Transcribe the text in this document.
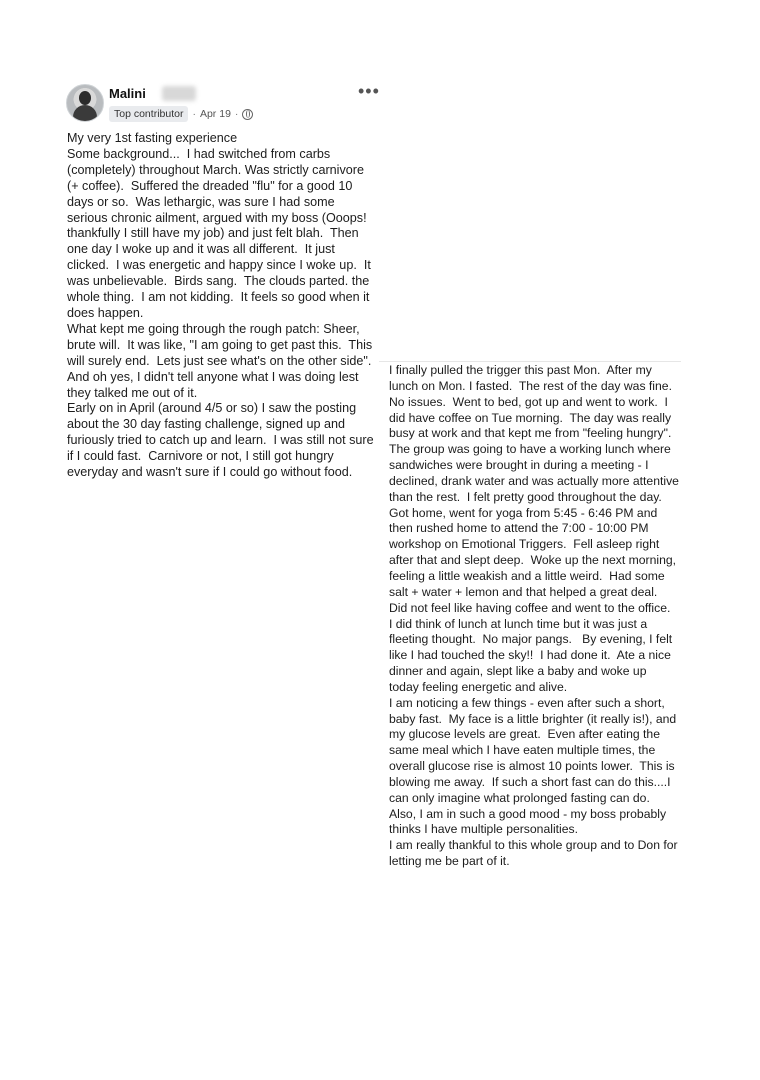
Malini
Top contributor · Apr 19 ·
•••
My very 1st fasting experience
Some background...  I had switched from carbs (completely) throughout March. Was strictly carnivore (+ coffee).  Suffered the dreaded "flu" for a good 10 days or so.  Was lethargic, was sure I had some serious chronic ailment, argued with my boss (Ooops!  thankfully I still have my job) and just felt blah.  Then one day I woke up and it was all different.  It just clicked.  I was energetic and happy since I woke up.  It was unbelievable.  Birds sang.  The clouds parted. the whole thing.  I am not kidding.  It feels so good when it does happen.
What kept me going through the rough patch: Sheer, brute will.  It was like, "I am going to get past this.  This will surely end.  Lets just see what's on the other side".  And oh yes, I didn't tell anyone what I was doing lest they talked me out of it.
Early on in April (around 4/5 or so) I saw the posting about the 30 day fasting challenge, signed up and furiously tried to catch up and learn.  I was still not sure if I could fast.  Carnivore or not, I still got hungry everyday and wasn't sure if I could go without food.
I finally pulled the trigger this past Mon.  After my lunch on Mon. I fasted.  The rest of the day was fine.  No issues.  Went to bed, got up and went to work.  I did have coffee on Tue morning.  The day was really busy at work and that kept me from "feeling hungry".  The group was going to have a working lunch where sandwiches were brought in during a meeting - I declined, drank water and was actually more attentive than the rest.  I felt pretty good throughout the day.  Got home, went for yoga from 5:45 - 6:46 PM and then rushed home to attend the 7:00 - 10:00 PM workshop on Emotional Triggers.  Fell asleep right after that and slept deep.  Woke up the next morning, feeling a little weakish and a little weird.  Had some salt + water + lemon and that helped a great deal.  Did not feel like having coffee and went to the office.  I did think of lunch at lunch time but it was just a fleeting thought.  No major pangs.   By evening, I felt like I had touched the sky!!  I had done it.  Ate a nice dinner and again, slept like a baby and woke up today feeling energetic and alive.
I am noticing a few things - even after such a short, baby fast.  My face is a little brighter (it really is!), and my glucose levels are great.  Even after eating the same meal which I have eaten multiple times, the overall glucose rise is almost 10 points lower.  This is blowing me away.  If such a short fast can do this....I can only imagine what prolonged fasting can do.  Also, I am in such a good mood - my boss probably thinks I have multiple personalities.
I am really thankful to this whole group and to Don for letting me be part of it.
